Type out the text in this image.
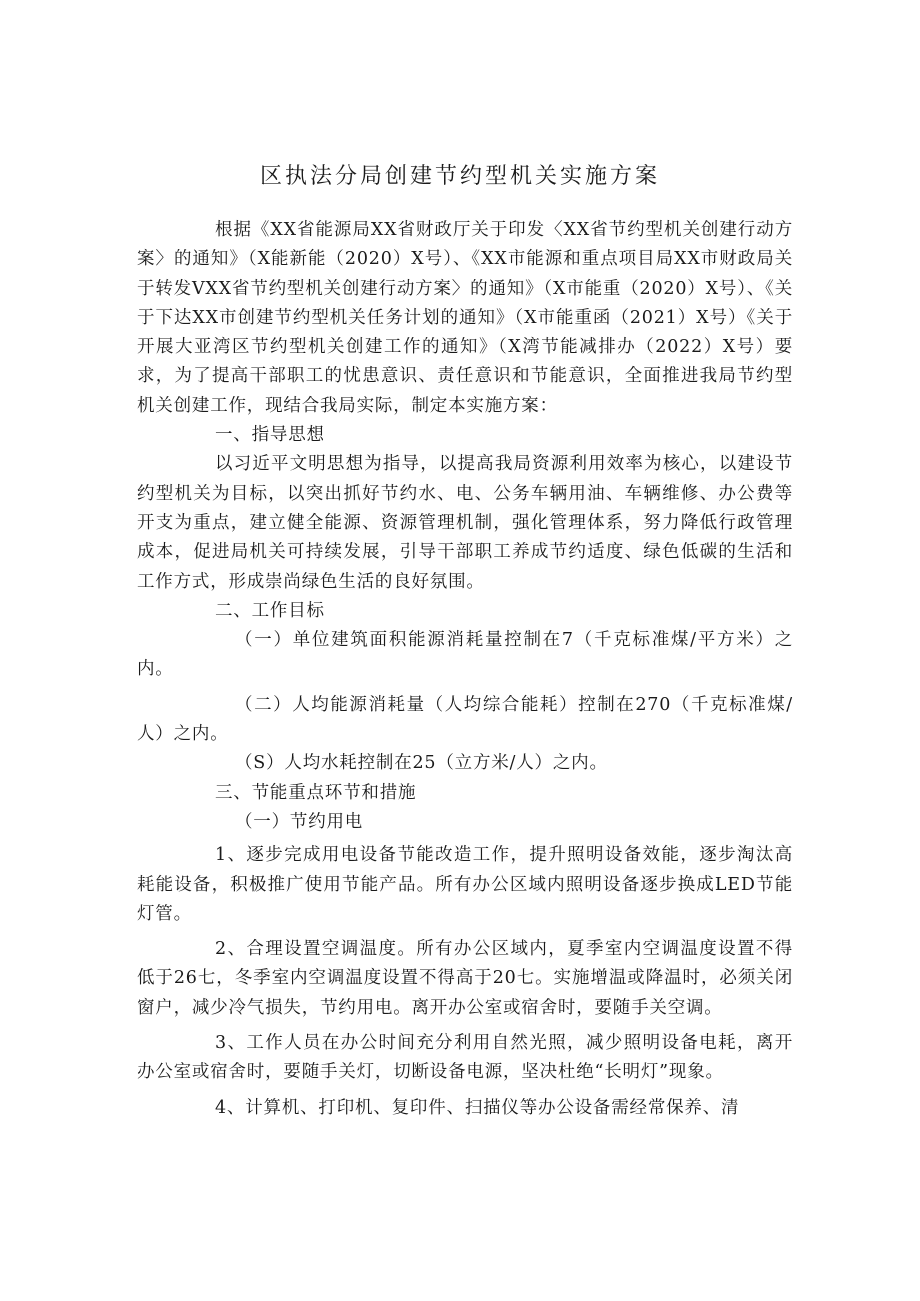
区执法分局创建节约型机关实施方案

根据《XX省能源局XX省财政厅关于印发〈XX省节约型机关创建行动方案〉的通知》（X能新能（2020）X号）、《XX市能源和重点项目局XX市财政局关于转发VXX省节约型机关创建行动方案〉的通知》（X市能重（2020）X号）、《关于下达XX市创建节约型机关任务计划的通知》（X市能重函（2021）X号）《关于开展大亚湾区节约型机关创建工作的通知》（X湾节能减排办（2022）X号）要求，为了提高干部职工的忧患意识、责任意识和节能意识，全面推进我局节约型机关创建工作，现结合我局实际，制定本实施方案：

一、指导思想

以习近平文明思想为指导，以提高我局资源利用效率为核心，以建设节约型机关为目标，以突出抓好节约水、电、公务车辆用油、车辆维修、办公费等开支为重点，建立健全能源、资源管理机制，强化管理体系，努力降低行政管理成本，促进局机关可持续发展，引导干部职工养成节约适度、绿色低碳的生活和工作方式，形成崇尚绿色生活的良好氛围。

二、工作目标

（一）单位建筑面积能源消耗量控制在7（千克标准煤/平方米）之内。

（二）人均能源消耗量（人均综合能耗）控制在270（千克标准煤/人）之内。

（S）人均水耗控制在25（立方米/人）之内。

三、节能重点环节和措施

（一）节约用电

1、逐步完成用电设备节能改造工作，提升照明设备效能，逐步淘汰高耗能设备，积极推广使用节能产品。所有办公区域内照明设备逐步换成LED节能灯管。

2、合理设置空调温度。所有办公区域内，夏季室内空调温度设置不得低于26七，冬季室内空调温度设置不得高于20七。实施增温或降温时，必须关闭窗户，减少冷气损失，节约用电。离开办公室或宿舍时，要随手关空调。

3、工作人员在办公时间充分利用自然光照，减少照明设备电耗，离开办公室或宿舍时，要随手关灯，切断设备电源，坚决杜绝“长明灯”现象。

4、计算机、打印机、复印件、扫描仪等办公设备需经常保养、清
